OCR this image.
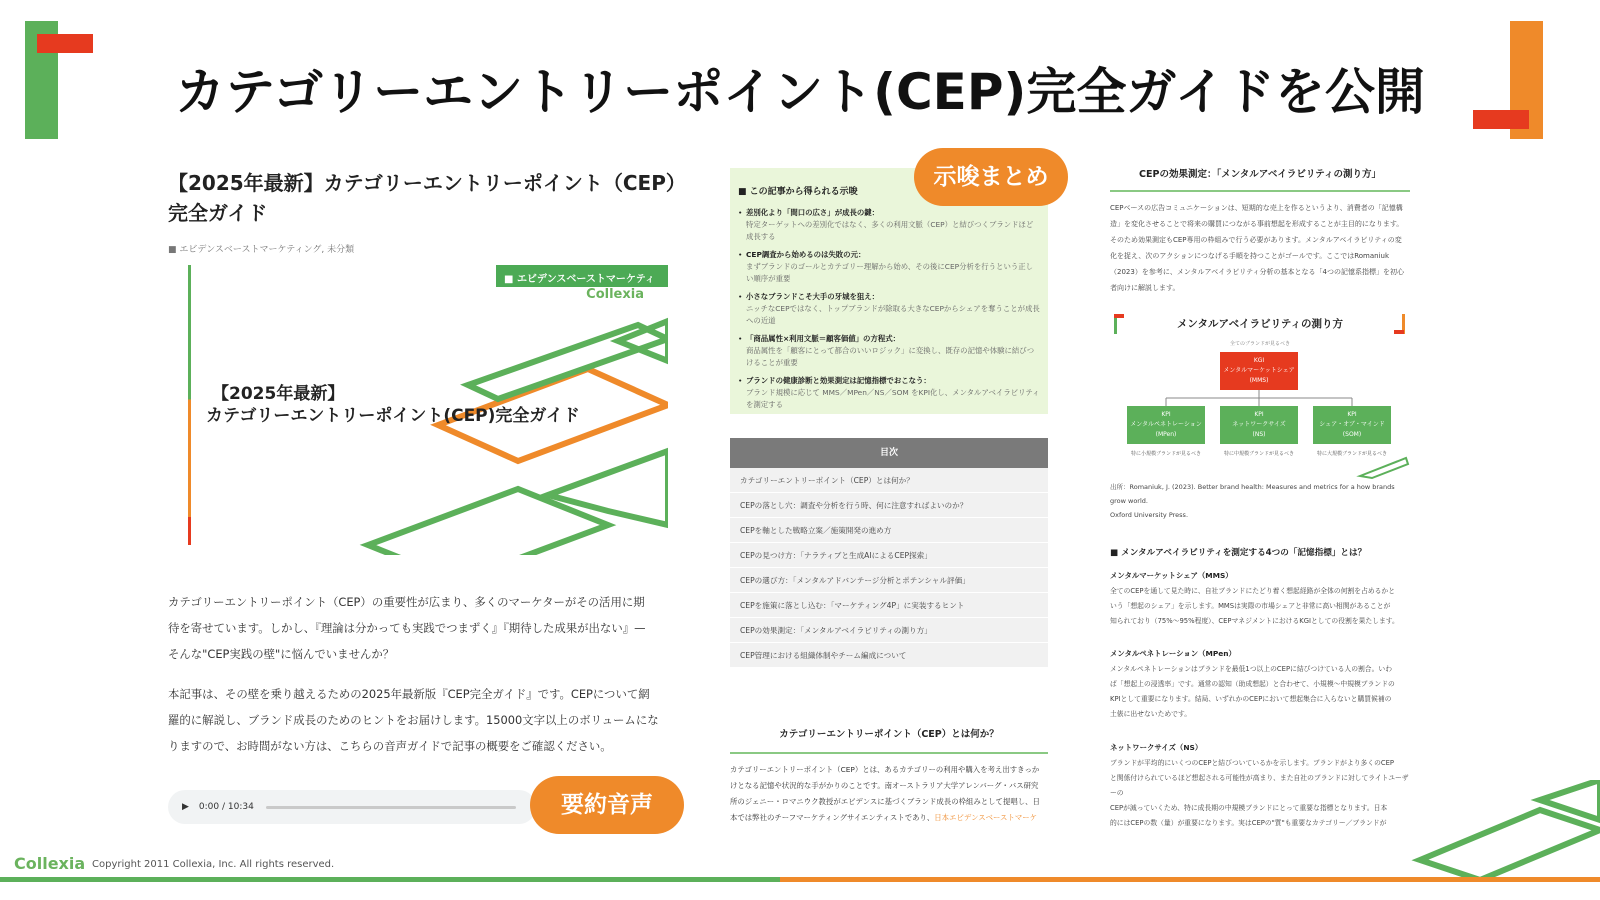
カテゴリーエントリーポイント(CEP)完全ガイドを公開
【2025年最新】カテゴリーエントリーポイント（CEP）
完全ガイド
■ エビデンスベーストマーケティング, 未分類
■ エビデンスベーストマーケティング	Collexia
【2025年最新】
カテゴリーエントリーポイント(CEP)完全ガイド
カテゴリーエントリーポイント（CEP）の重要性が広まり、多くのマーケターがその活用に期
待を寄せています。しかし、『理論は分かっても実践でつまずく』『期待した成果が出ない』—
そんな"CEP実践の壁"に悩んでいませんか？
本記事は、その壁を乗り越えるための2025年最新版『CEP完全ガイド』です。CEPについて網
羅的に解説し、ブランド成長のためのヒントをお届けします。15000文字以上のボリュームにな
りますので、お時間がない方は、こちらの音声ガイドで記事の概要をご確認ください。
▶ 0:00 / 10:34	要約音声
■ この記事から得られる示唆
• 差別化より「間口の広さ」が成長の鍵：
特定ターゲットへの差別化ではなく、多くの利用文脈（CEP）と結びつくブランドほど成長する
• CEP調査から始めるのは失敗の元：
まずブランドのゴールとカテゴリー理解から始め、その後にCEP分析を行うという正しい順序が重要
• 小さなブランドこそ大手の牙城を狙え：
ニッチなCEPではなく、トップブランドが除取る大きなCEPからシェアを奪うことが成長への近道
• 「商品属性×利用文脈＝顧客価値」の方程式：
商品属性を「顧客にとって都合のいいロジック」に変換し、既存の記憶や体験に結びつけることが重要
• ブランドの健康診断と効果測定は記憶指標でおこなう：
ブランド規模に応じて MMS／MPen／NS／SOM をKPI化し、メンタルアベイラビリティを測定する
示唆まとめ
目次
カテゴリーエントリーポイント（CEP）とは何か？
CEPの落とし穴：調査や分析を行う時、何に注意すればよいのか？
CEPを軸とした戦略立案／施策開発の進め方
CEPの見つけ方：「ナラティブと生成AIによるCEP探索」
CEPの選び方：「メンタルアドバンテージ分析とポテンシャル評価」
CEPを施策に落とし込む：「マーケティング4P」に実装するヒント
CEPの効果測定：「メンタルアベイラビリティの測り方」
CEP管理における組織体制やチーム編成について
カテゴリーエントリーポイント（CEP）とは何か？
カテゴリーエントリーポイント（CEP）とは、あるカテゴリーの利用や購入を考え出すきっか
けとなる記憶や状況的な手がかりのことです。南オーストラリア大学アレンバーグ・バス研究
所のジェニー・ロマニウク教授がエビデンスに基づくブランド成長の枠組みとして提唱し、日
本では弊社のチーフマーケティングサイエンティストであり、日本エビデンスベーストマーケ
CEPの効果測定：「メンタルアベイラビリティの測り方」
CEPベースの広告コミュニケーションは、短期的な売上を作るというより、消費者の「記憶構
造」を変化させることで将来の購買につながる事前想起を形成することが主目的になります。
そのため効果測定もCEP専用の枠組みで行う必要があります。メンタルアベイラビリティの変
化を捉え、次のアクションにつなげる手順を持つことがゴールです。ここではRomaniuk
（2023）を参考に、メンタルアベイラビリティ分析の基本となる「4つの記憶系指標」を初心
者向けに解説します。
メンタルアベイラビリティの測り方
全てのブランドが見るべき
KGI
メンタルマーケットシェア
(MMS)
KPI
メンタルペネトレーション
(MPen)
KPI
ネットワークサイズ
(NS)
KPI
シェア・オブ・マインド
(SOM)
特に小規模ブランドが見るべき	特に中規模ブランドが見るべき	特に大規模ブランドが見るべき
出所：Romaniuk, J. (2023). Better brand health: Measures and metrics for a how brands grow world.
Oxford University Press.
■ メンタルアベイラビリティを測定する4つの「記憶指標」とは？
メンタルマーケットシェア（MMS）
全てのCEPを通して見た時に、自社ブランドにたどり着く想起経路が全体の何割を占めるかと
いう「想起のシェア」を示します。MMSは実際の市場シェアと非常に高い相関があることが
知られており（75%〜95%程度）、CEPマネジメントにおけるKGIとしての役割を果たします。
メンタルペネトレーション（MPen）
メンタルペネトレーションはブランドを最低1つ以上のCEPに結びつけている人の割合。いわ
ば「想起上の浸透率」です。通常の認知（助成想起）と合わせて、小規模〜中規模ブランドの
KPIとして重要になります。結局、いずれかのCEPにおいて想起集合に入らないと購買候補の
土俵に出せないためです。
ネットワークサイズ（NS）
ブランドが平均的にいくつのCEPと結びついているかを示します。ブランドがより多くのCEP
と関係付けられているほど想起される可能性が高まり、また自社のブランドに対してライトユーザーの
CEPが減っていくため、特に成長期の中規模ブランドにとって重要な指標となります。日本
的にはCEPの数（量）が重要になります。実はCEPの"質"も重要なカテゴリー／ブランドが
Collexia Copyright 2011 Collexia, Inc. All rights reserved.
